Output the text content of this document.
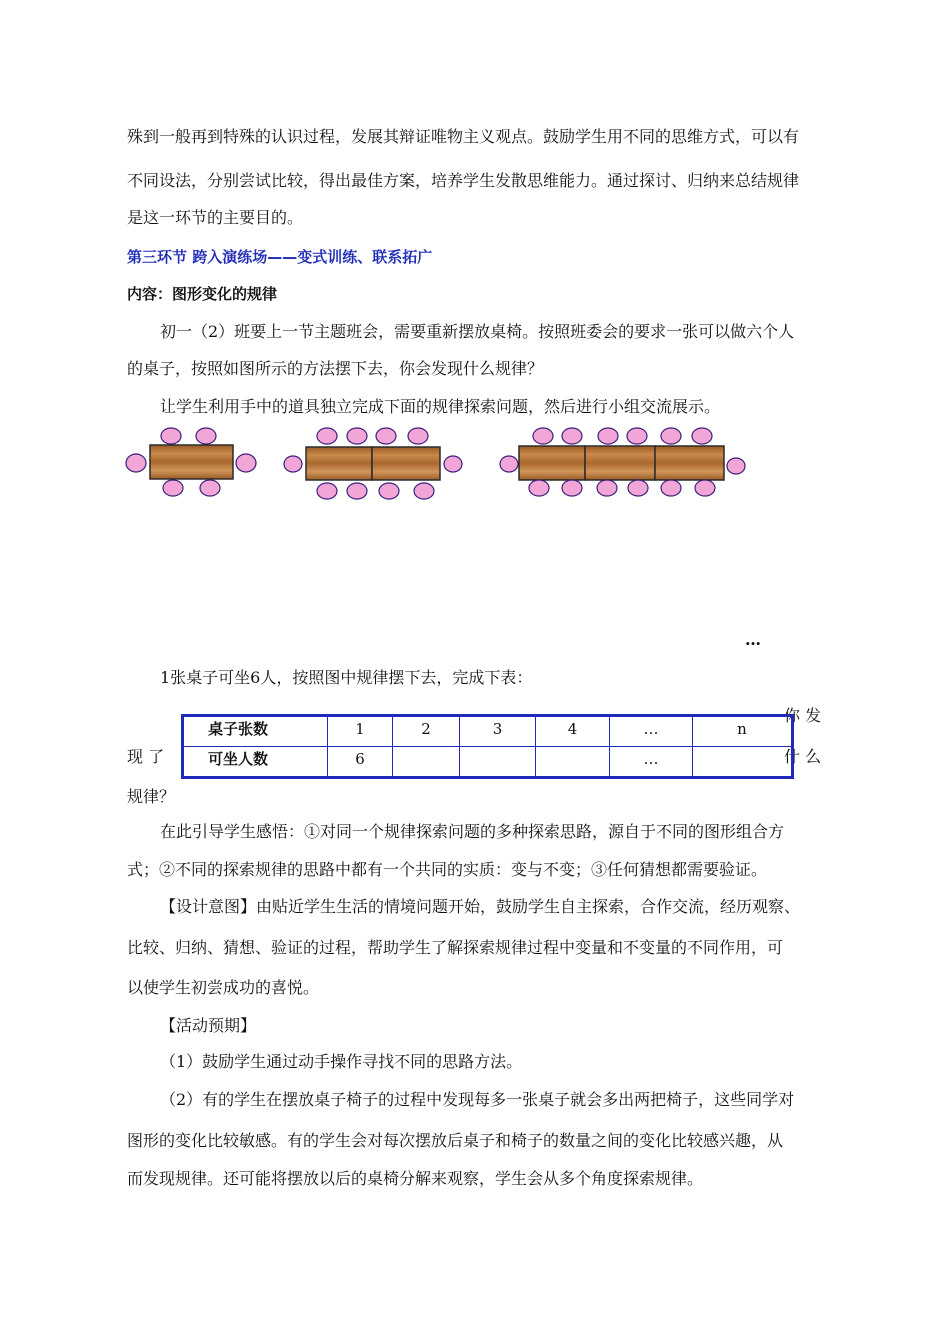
殊到一般再到特殊的认识过程，发展其辩证唯物主义观点。鼓励学生用不同的思维方式，可以有
不同设法，分别尝试比较，得出最佳方案，培养学生发散思维能力。通过探讨、归纳来总结规律
是这一环节的主要目的。
第三环节 跨入演练场——变式训练、联系拓广
内容：图形变化的规律
初一（2）班要上一节主题班会，需要重新摆放桌椅。按照班委会的要求一张可以做六个人
的桌子，按照如图所示的方法摆下去，你会发现什么规律？
让学生利用手中的道具独立完成下面的规律探索问题，然后进行小组交流展示。
…
1张桌子可坐6人，按照图中规律摆下去，完成下表：
你 发
现 了	什 么
规律？
桌子张数	1	2	3	4	…	n
可坐人数	6				…	
在此引导学生感悟：①对同一个规律探索问题的多种探索思路，源自于不同的图形组合方
式；②不同的探索规律的思路中都有一个共同的实质：变与不变；③任何猜想都需要验证。
【设计意图】由贴近学生生活的情境问题开始，鼓励学生自主探索，合作交流，经历观察、
比较、归纳、猜想、验证的过程，帮助学生了解探索规律过程中变量和不变量的不同作用，可
以使学生初尝成功的喜悦。
【活动预期】
（1）鼓励学生通过动手操作寻找不同的思路方法。
（2）有的学生在摆放桌子椅子的过程中发现每多一张桌子就会多出两把椅子，这些同学对
图形的变化比较敏感。有的学生会对每次摆放后桌子和椅子的数量之间的变化比较感兴趣，从
而发现规律。还可能将摆放以后的桌椅分解来观察，学生会从多个角度探索规律。
